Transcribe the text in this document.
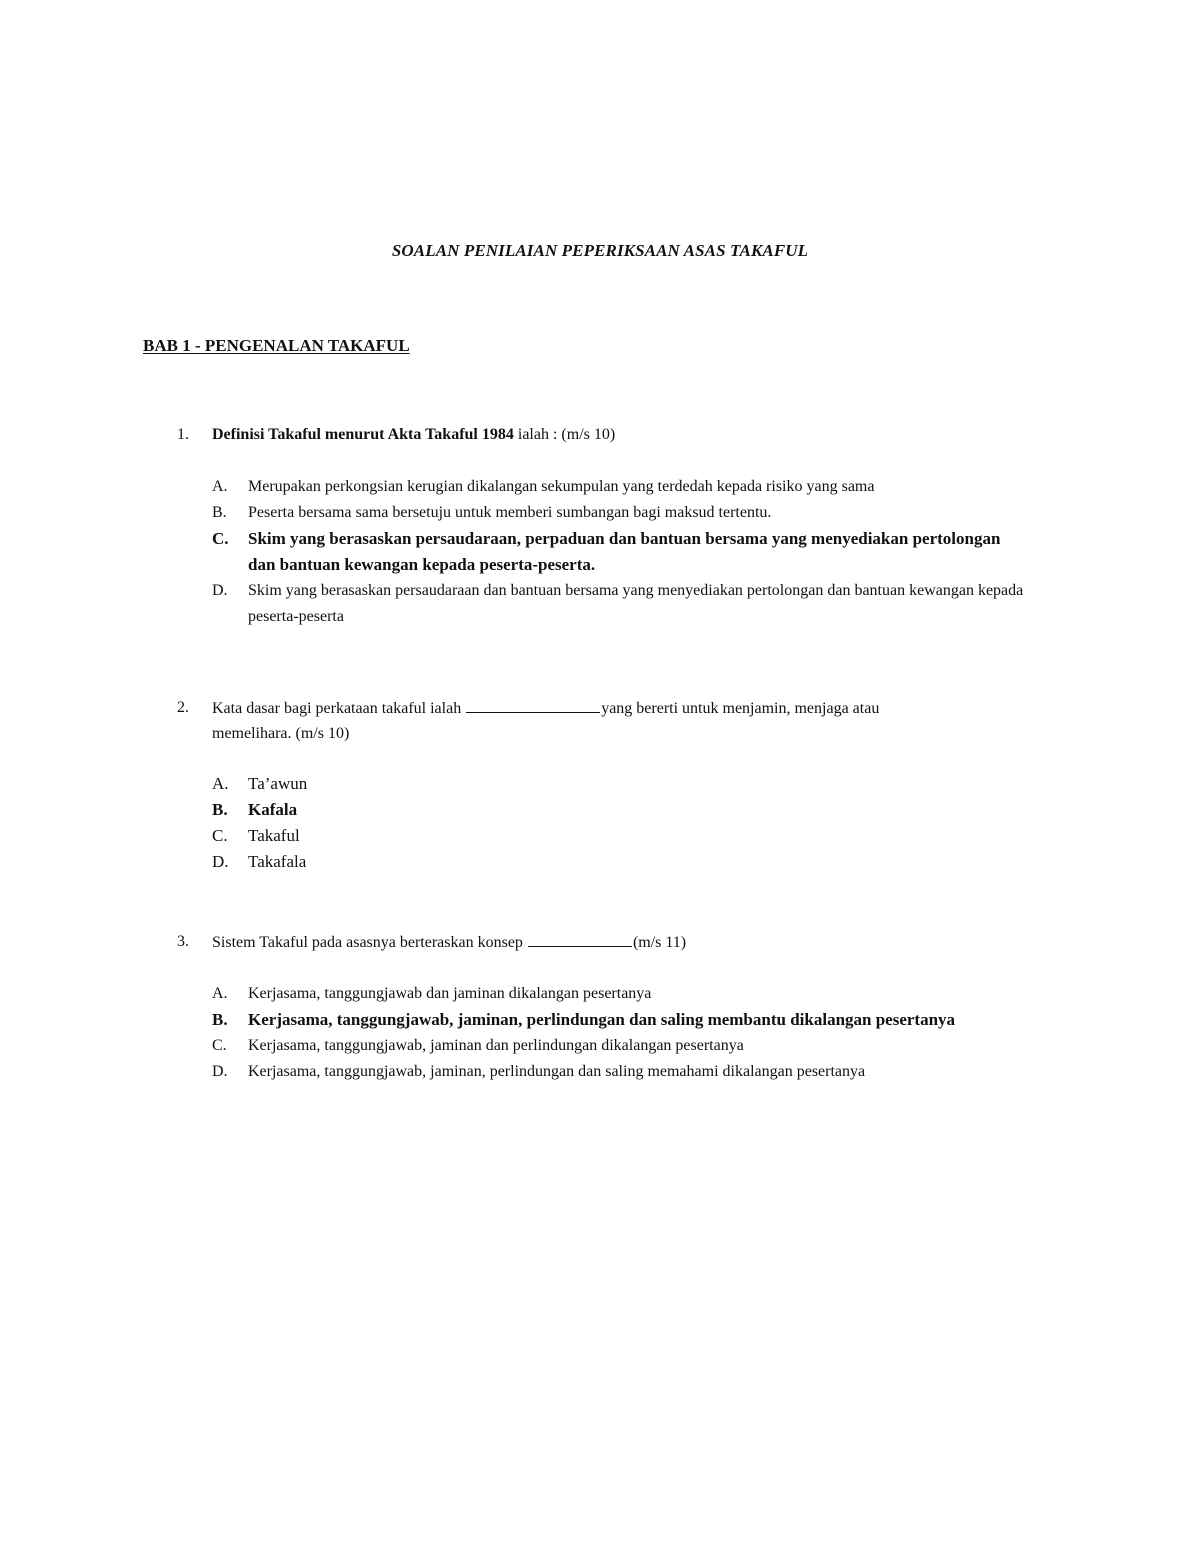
SOALAN PENILAIAN PEPERIKSAAN ASAS TAKAFUL
BAB 1 - PENGENALAN TAKAFUL
1. Definisi Takaful menurut Akta Takaful 1984 ialah : (m/s 10)
A. Merupakan perkongsian kerugian dikalangan sekumpulan yang terdedah kepada risiko yang sama
B. Peserta bersama sama bersetuju untuk memberi sumbangan bagi maksud tertentu.
C. Skim yang berasaskan persaudaraan, perpaduan dan bantuan bersama yang menyediakan pertolongan dan bantuan kewangan kepada peserta-peserta.
D. Skim yang berasaskan persaudaraan dan bantuan bersama yang menyediakan pertolongan dan bantuan kewangan kepada peserta-peserta
2. Kata dasar bagi perkataan takaful ialah	yang bererti untuk menjamin, menjaga atau
memelihara. (m/s 10)
A. Ta’awun
B. Kafala
C. Takaful
D. Takafala
3. Sistem Takaful pada asasnya berteraskan konsep	(m/s 11)
A. Kerjasama, tanggungjawab dan jaminan dikalangan pesertanya
B. Kerjasama, tanggungjawab, jaminan, perlindungan dan saling membantu dikalangan pesertanya
C. Kerjasama, tanggungjawab, jaminan dan perlindungan dikalangan pesertanya
D. Kerjasama, tanggungjawab, jaminan, perlindungan dan saling memahami dikalangan pesertanya
